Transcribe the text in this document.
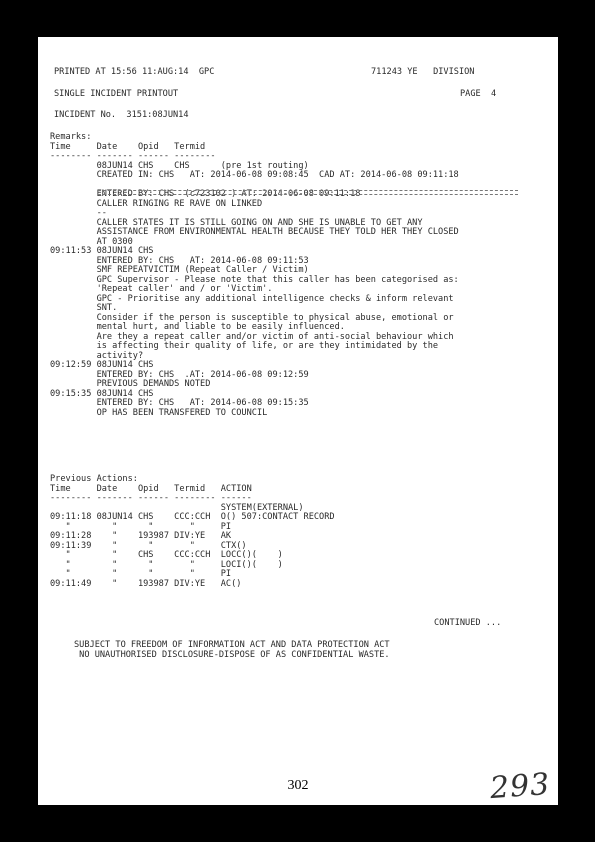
PRINTED AT 15:56 11:AUG:14  GPC	711243 YE   DIVISION
SINGLE INCIDENT PRINTOUT	PAGE  4
INCIDENT No.  3151:08JUN14
Remarks:
Time     Date    Opid   Termid
-------- ------- ------ --------
08JUN14 CHS    CHS      (pre 1st routing)
CREATED IN: CHS   AT: 2014-06-08 09:08:45  CAD AT: 2014-06-08 09:11:18
ENTERED BY: CHS  (c723102 ) AT: 2014-06-08 09:11:18
CALLER RINGING RE RAVE ON LINKED
--
CALLER STATES IT IS STILL GOING ON AND SHE IS UNABLE TO GET ANY
ASSISTANCE FROM ENVIRONMENTAL HEALTH BECAUSE THEY TOLD HER THEY CLOSED
AT 0300
09:11:53 08JUN14 CHS
ENTERED BY: CHS   AT: 2014-06-08 09:11:53
SMF REPEATVICTIM (Repeat Caller / Victim)
GPC Supervisor - Please note that this caller has been categorised as:
'Repeat caller' and / or 'Victim'.
GPC - Prioritise any additional intelligence checks & inform relevant
SNT.
Consider if the person is susceptible to physical abuse, emotional or
mental hurt, and liable to be easily influenced.
Are they a repeat caller and/or victim of anti-social behaviour which
is affecting their quality of life, or are they intimidated by the
activity?
09:12:59 08JUN14 CHS
ENTERED BY: CHS  .AT: 2014-06-08 09:12:59
PREVIOUS DEMANDS NOTED
09:15:35 08JUN14 CHS
ENTERED BY: CHS   AT: 2014-06-08 09:15:35
OP HAS BEEN TRANSFERED TO COUNCIL
Previous Actions:
Time     Date    Opid   Termid   ACTION
-------- ------- ------ -------- ------
SYSTEM(EXTERNAL)
09:11:18 08JUN14 CHS    CCC:CCH  O() 507:CONTACT RECORD
"        "      "       "     PI
09:11:28    "    193987 DIV:YE   AK
09:11:39    "      "       "     CTX()
"        "    CHS    CCC:CCH  LOCC()(    )
"        "      "       "     LOCI()(    )
"        "      "       "     PI
09:11:49    "    193987 DIV:YE   AC()
CONTINUED ...
SUBJECT TO FREEDOM OF INFORMATION ACT AND DATA PROTECTION ACT
NO UNAUTHORISED DISCLOSURE-DISPOSE OF AS CONFIDENTIAL WASTE.
302	293
